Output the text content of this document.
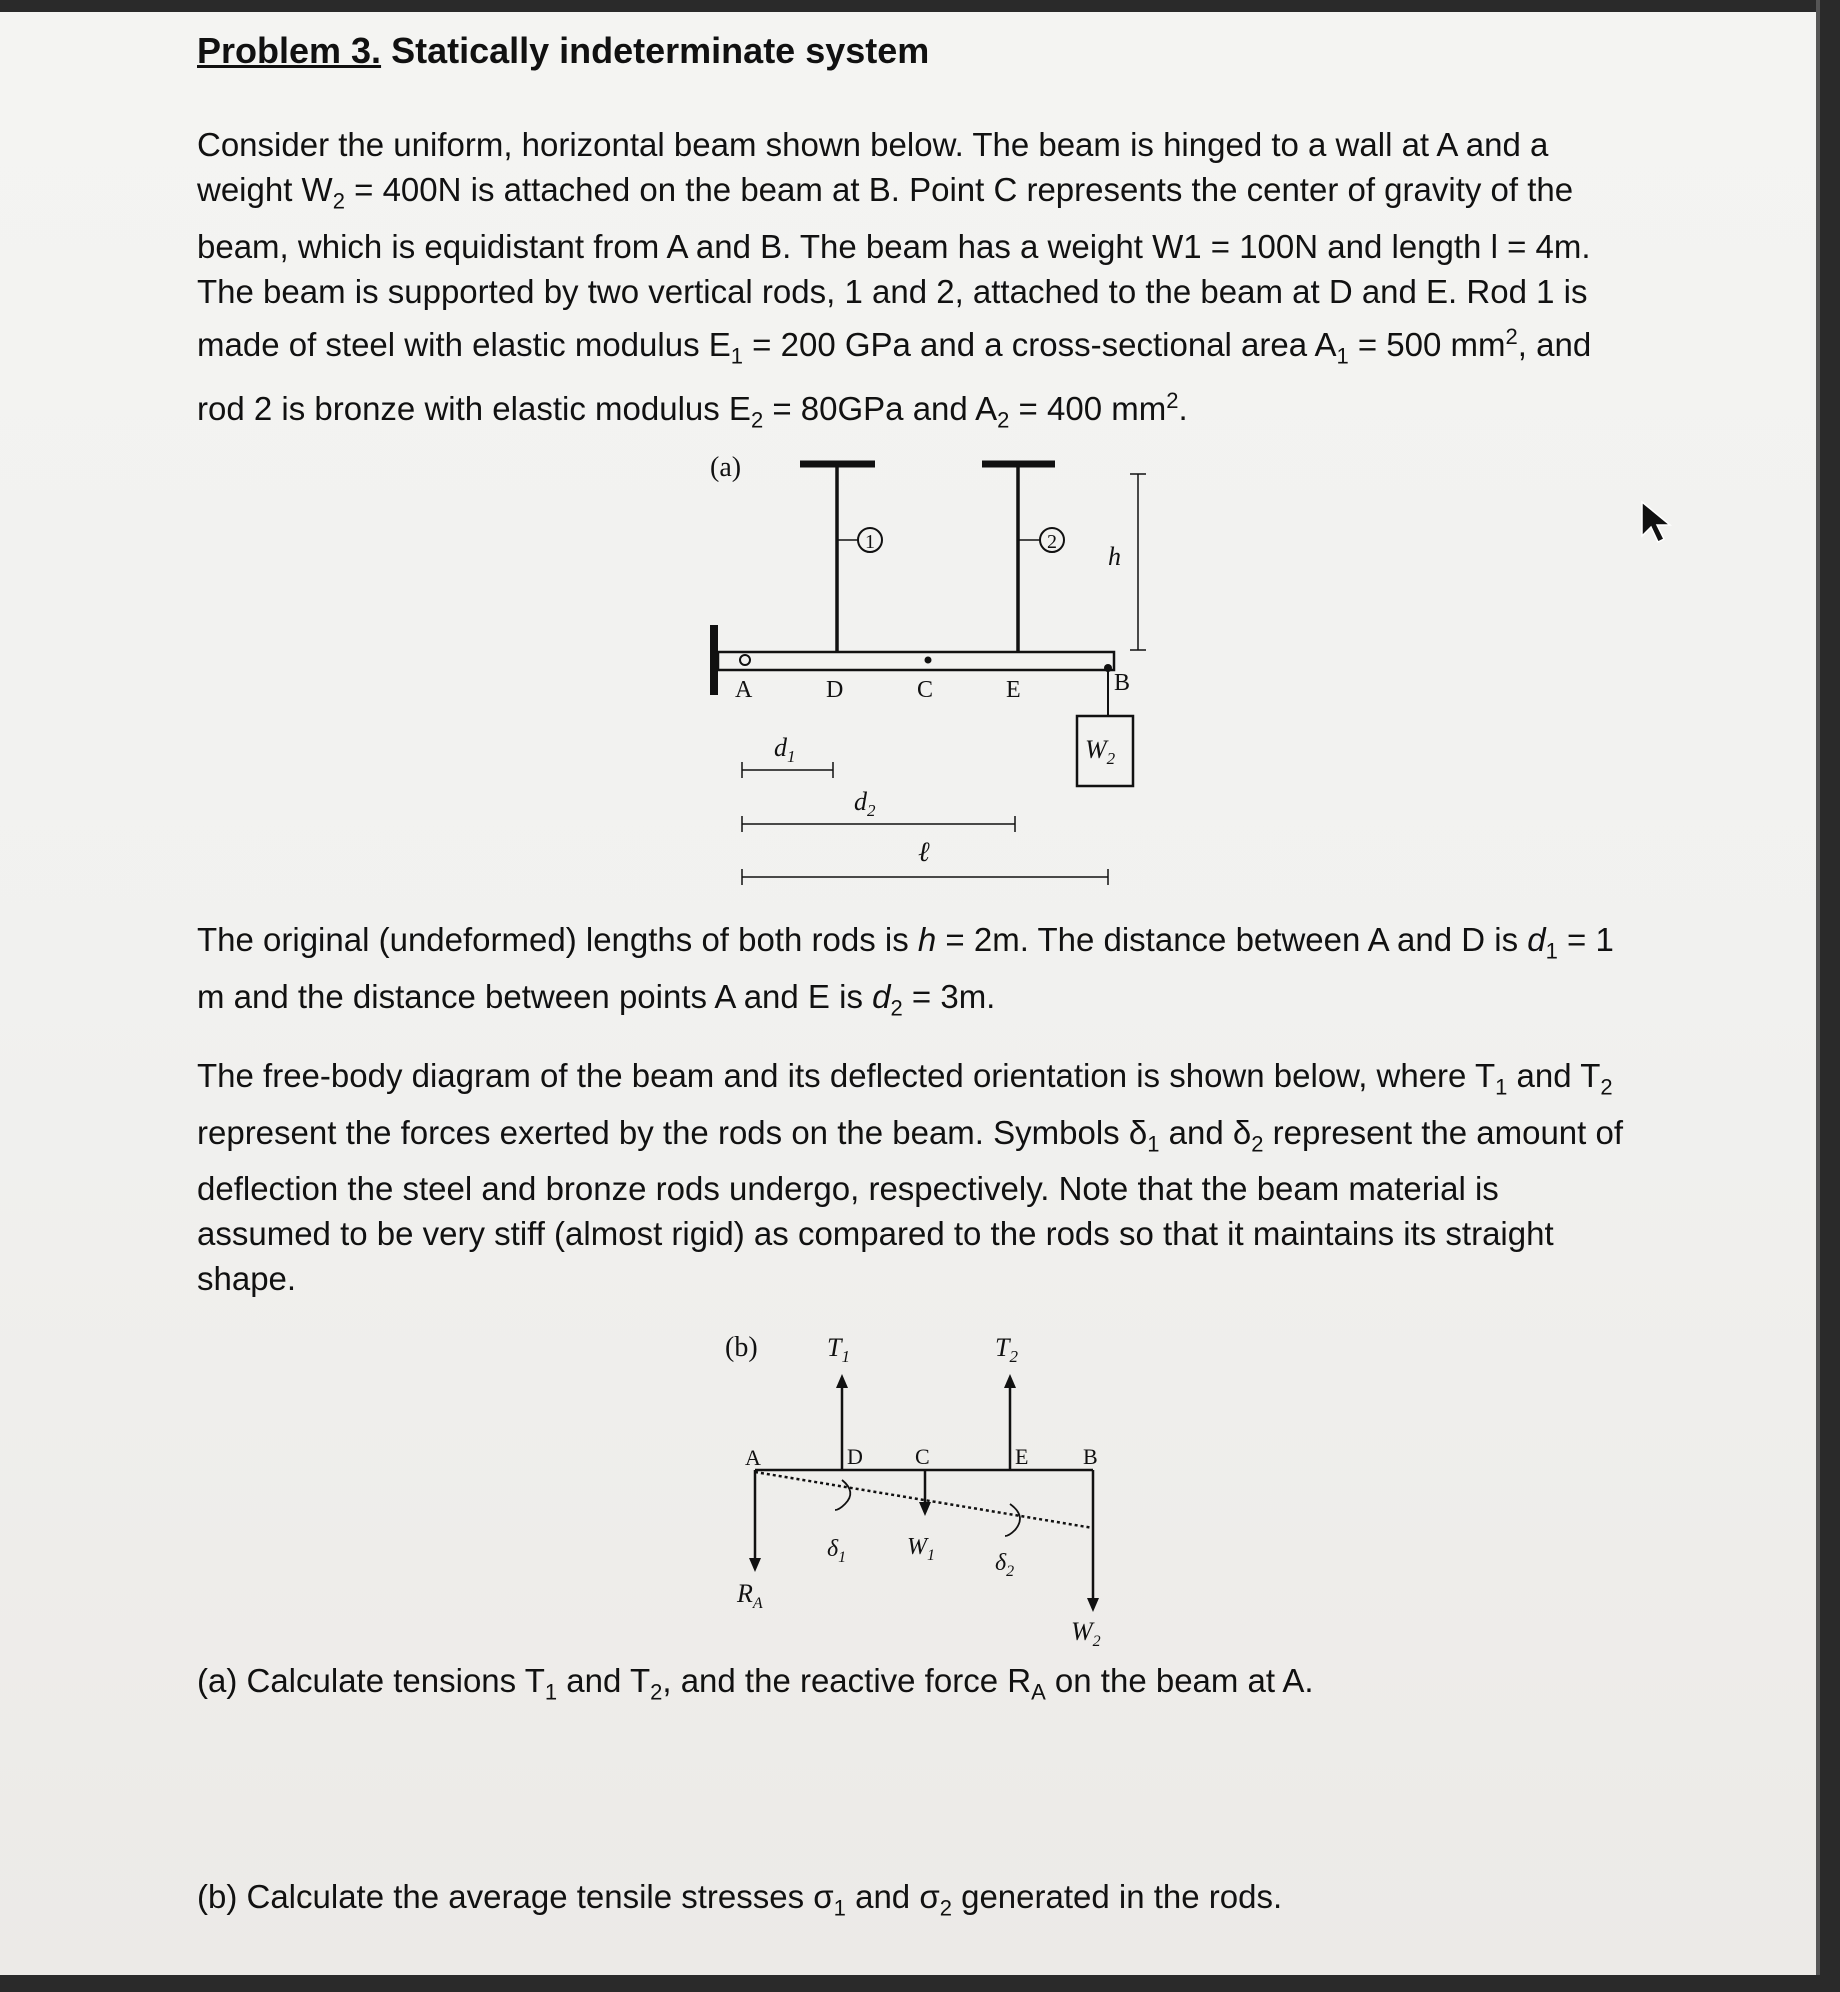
Problem 3. Statically indeterminate system
Consider the uniform, horizontal beam shown below. The beam is hinged to a wall at A and a weight $W_2 = 400N$ is attached on the beam at B. Point C represents the center of gravity of the beam, which is equidistant from A and B. The beam has a weight W1 = 100N and length l = 4m. The beam is supported by two vertical rods, 1 and 2, attached to the beam at D and E. Rod 1 is made of steel with elastic modulus $E_1 = 200$ GPa and a cross-sectional area $A_1 = 500$ $mm^2$, and rod 2 is bronze with elastic modulus $E_2 = 80GPa$ and $A_2 = 400$ $mm^2$.
(a)
1	2 h
A	D	C	E	B
$W_2$
$d_1$
$d_2$
ℓ
The original (undeformed) lengths of both rods is h = 2m. The distance between A and D is $d_1 = 1$ m and the distance between points A and E is $d_2 = 3m$.
The free-body diagram of the beam and its deflected orientation is shown below, where $T_1$ and $T_2$ represent the forces exerted by the rods on the beam. Symbols $\delta_1$ and $\delta_2$ represent the amount of deflection the steel and bronze rods undergo, respectively. Note that the beam material is assumed to be very stiff (almost rigid) as compared to the rods so that it maintains its straight shape.
(b)	$T_1$	$T_2$
A	D C	E B
$\delta_1$	$W_1$	$\delta_2$
$R_A$
$W_2$
(a) Calculate tensions $T_1$ and $T_2$, and the reactive force $R_A$ on the beam at A.
(b) Calculate the average tensile stresses $\sigma_1$ and $\sigma_2$ generated in the rods.
